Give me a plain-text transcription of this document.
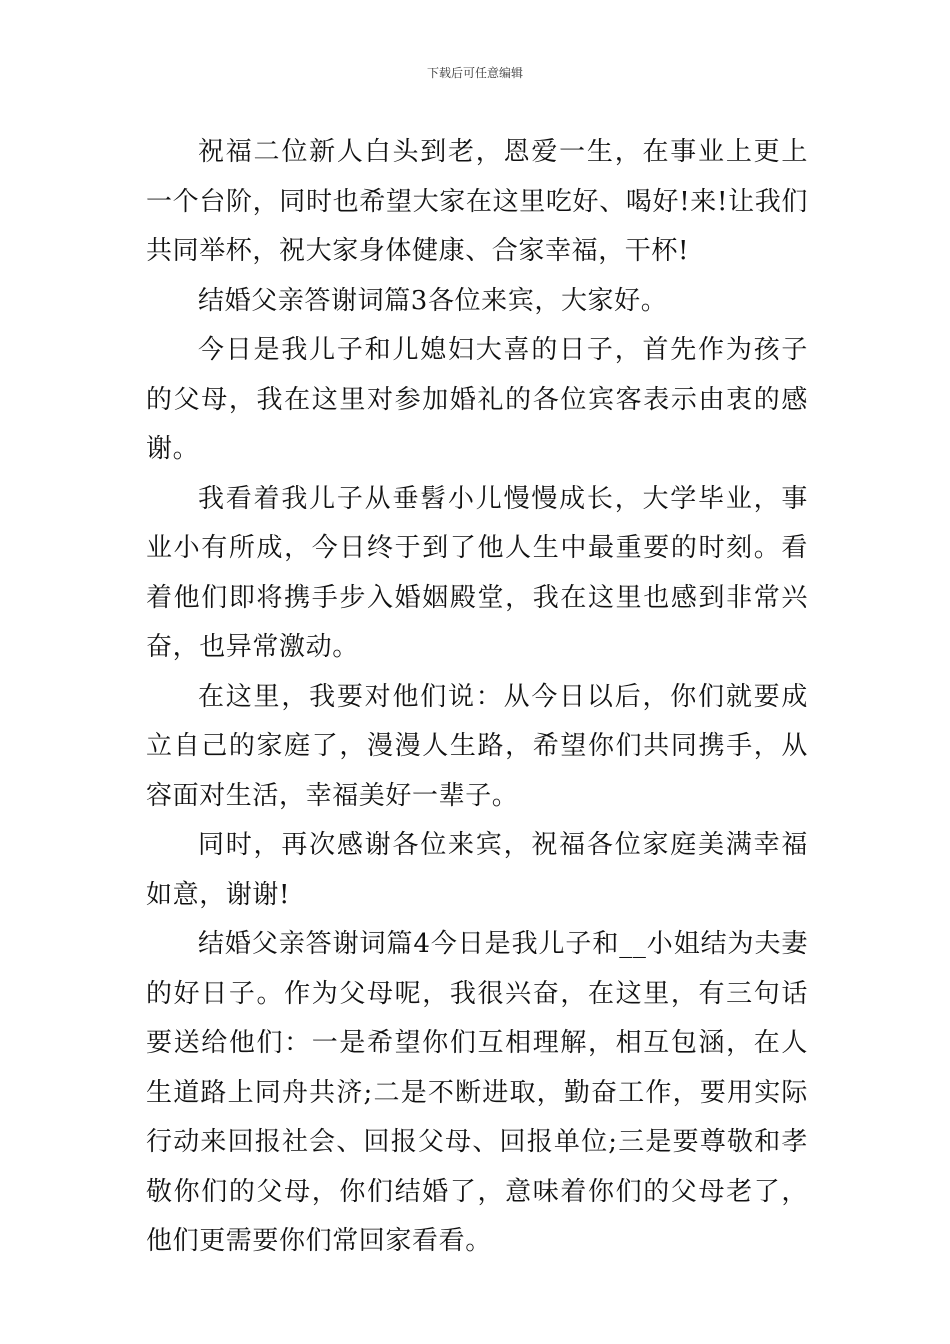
下载后可任意编辑

祝福二位新人白头到老，恩爱一生，在事业上更上一个台阶，同时也希望大家在这里吃好、喝好!来!让我们共同举杯，祝大家身体健康、合家幸福，干杯!

结婚父亲答谢词篇3各位来宾，大家好。

今日是我儿子和儿媳妇大喜的日子，首先作为孩子的父母，我在这里对参加婚礼的各位宾客表示由衷的感谢。

我看着我儿子从垂髫小儿慢慢成长，大学毕业，事业小有所成，今日终于到了他人生中最重要的时刻。看着他们即将携手步入婚姻殿堂，我在这里也感到非常兴奋，也异常激动。

在这里，我要对他们说：从今日以后，你们就要成立自己的家庭了，漫漫人生路，希望你们共同携手，从容面对生活，幸福美好一辈子。

同时，再次感谢各位来宾，祝福各位家庭美满幸福如意，谢谢!

结婚父亲答谢词篇4今日是我儿子和__小姐结为夫妻的好日子。作为父母呢，我很兴奋，在这里，有三句话要送给他们：一是希望你们互相理解，相互包涵，在人生道路上同舟共济;二是不断进取，勤奋工作，要用实际行动来回报社会、回报父母、回报单位;三是要尊敬和孝敬你们的父母，你们结婚了，意味着你们的父母老了，他们更需要你们常回家看看。
